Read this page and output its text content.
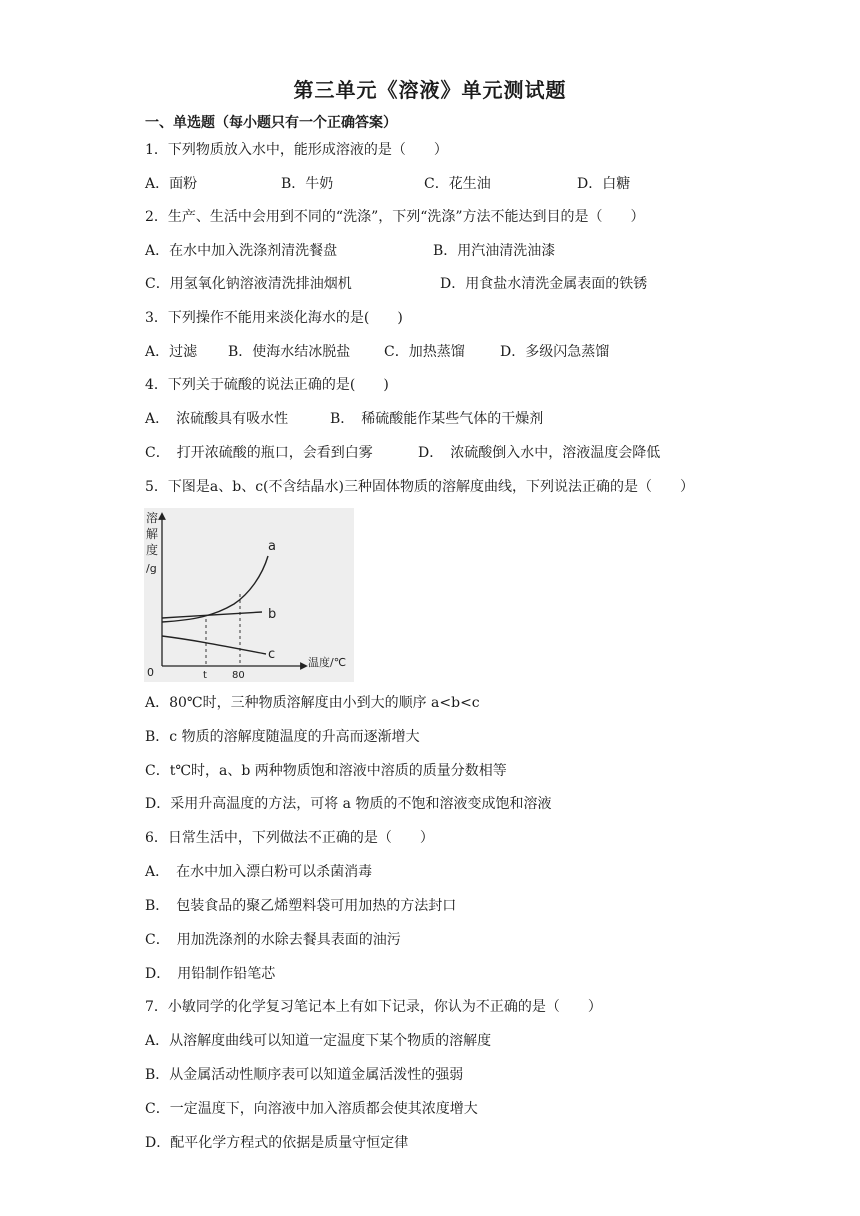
第三单元《溶液》单元测试题
一、单选题（每小题只有一个正确答案）
1．下列物质放入水中，能形成溶液的是（　　）
A．面粉	B．牛奶	C．花生油	D．白糖
2．生产、生活中会用到不同的“洗涤”，下列“洗涤”方法不能达到目的是（　　）
A．在水中加入洗涤剂清洗餐盘	B．用汽油清洗油漆
C．用氢氧化钠溶液清洗排油烟机	D．用食盐水清洗金属表面的铁锈
3．下列操作不能用来淡化海水的是(　　)
A．过滤 B．使海水结冰脱盐 C．加热蒸馏	D．多级闪急蒸馏
4．下列关于硫酸的说法正确的是(　　)
A．　浓硫酸具有吸水性	B．　稀硫酸能作某些气体的干燥剂
C．　打开浓硫酸的瓶口，会看到白雾	D．　浓硫酸倒入水中，溶液温度会降低
5．下图是a、b、c(不含结晶水)三种固体物质的溶解度曲线，下列说法正确的是（　　）
溶
解
度
/g
0
温度/℃
t	80
a
b
c
A．80℃时，三种物质溶解度由小到大的顺序 a<b<c
B．c 物质的溶解度随温度的升高而逐渐增大
C．t℃时，a、b 两种物质饱和溶液中溶质的质量分数相等
D．采用升高温度的方法，可将 a 物质的不饱和溶液变成饱和溶液
6．日常生活中，下列做法不正确的是（　　）
A．　在水中加入漂白粉可以杀菌消毒
B．　包装食品的聚乙烯塑料袋可用加热的方法封口
C．　用加洗涤剂的水除去餐具表面的油污
D．　用铅制作铅笔芯
7．小敏同学的化学复习笔记本上有如下记录，你认为不正确的是（　　）
A．从溶解度曲线可以知道一定温度下某个物质的溶解度
B．从金属活动性顺序表可以知道金属活泼性的强弱
C．一定温度下，向溶液中加入溶质都会使其浓度增大
D．配平化学方程式的依据是质量守恒定律
